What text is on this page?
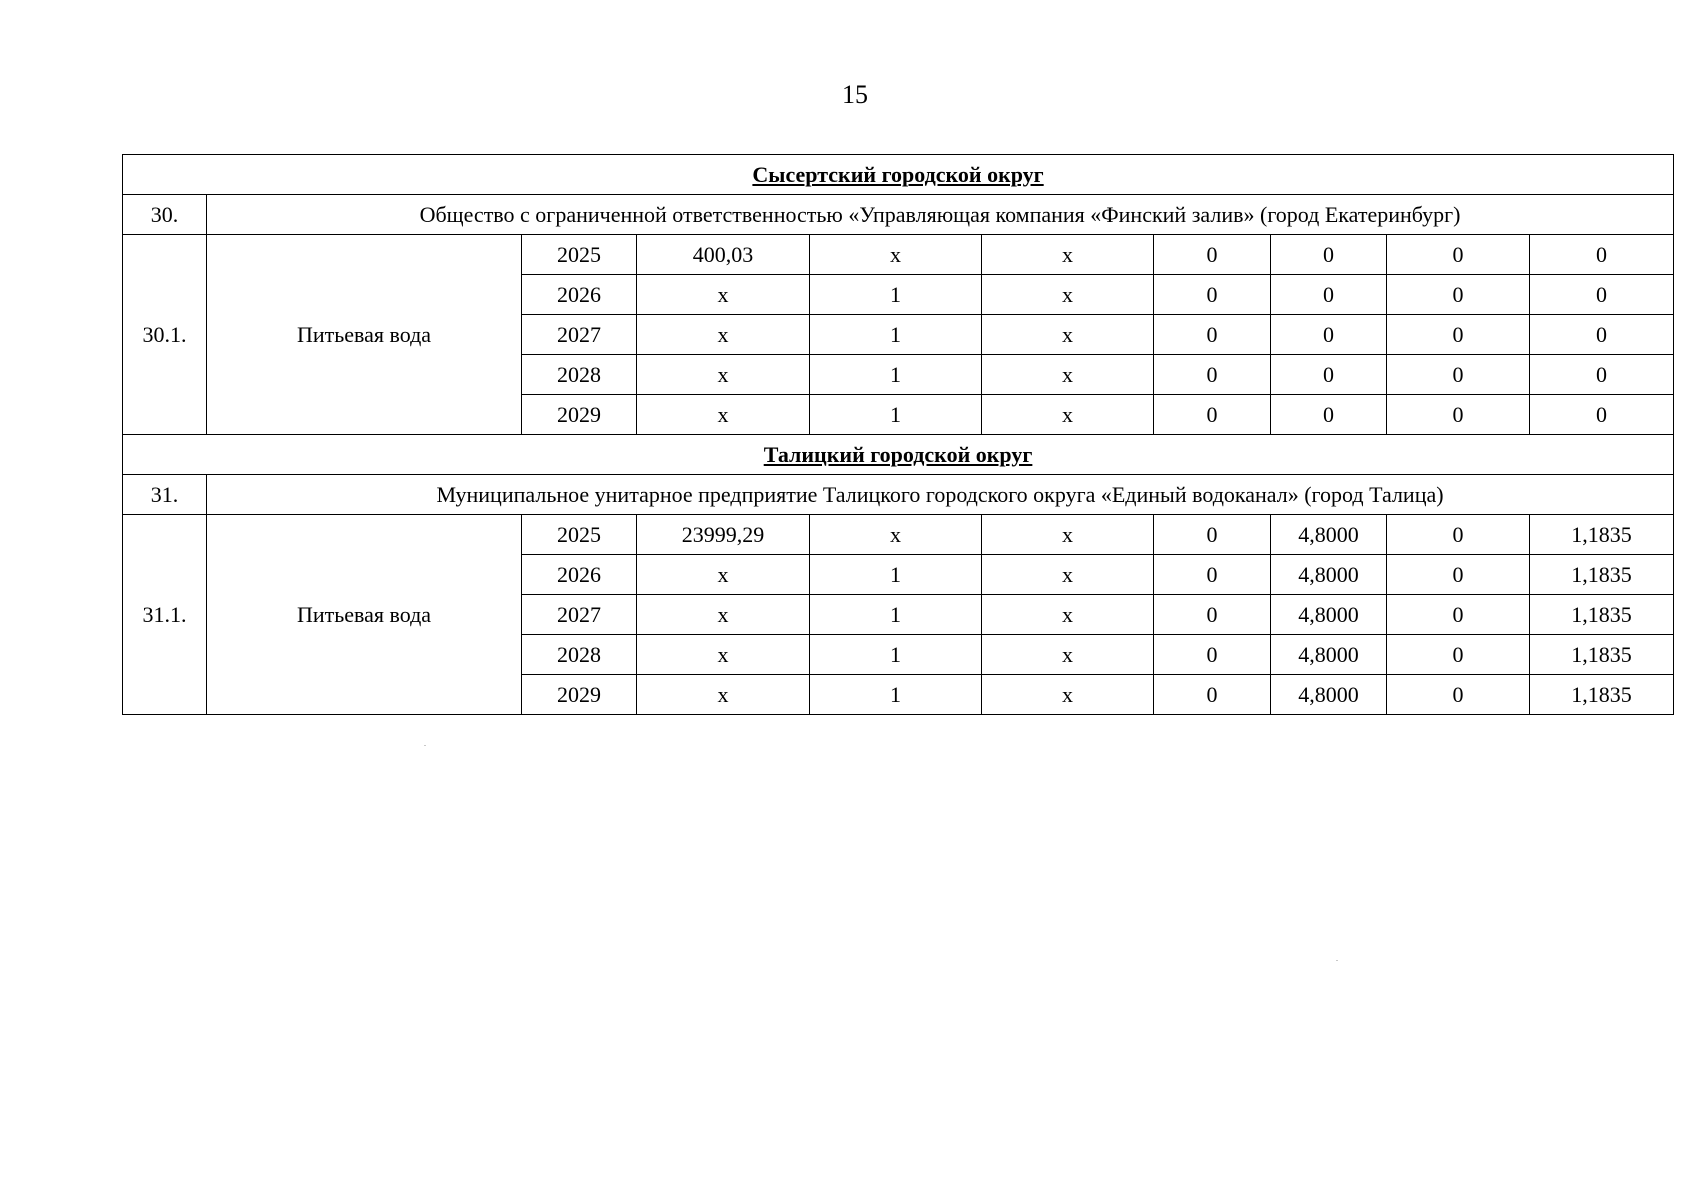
15
Сысертский городской округ									
30.	Общество с ограниченной ответственностью «Управляющая компания «Финский залив» (город Екатеринбург)								
30.1.	Питьевая вода	2025	400,03	x	x	0	0	0	0
		2026	x	1	x	0	0	0	0
		2027	x	1	x	0	0	0	0
		2028	x	1	x	0	0	0	0
		2029	x	1	x	0	0	0	0
Талицкий городской округ									
31.	Муниципальное унитарное предприятие Талицкого городского округа «Единый водоканал» (город Талица)								
31.1.	Питьевая вода	2025	23999,29	x	x	0	4,8000	0	1,1835
		2026	x	1	x	0	4,8000	0	1,1835
		2027	x	1	x	0	4,8000	0	1,1835
		2028	x	1	x	0	4,8000	0	1,1835
		2029	x	1	x	0	4,8000	0	1,1835
